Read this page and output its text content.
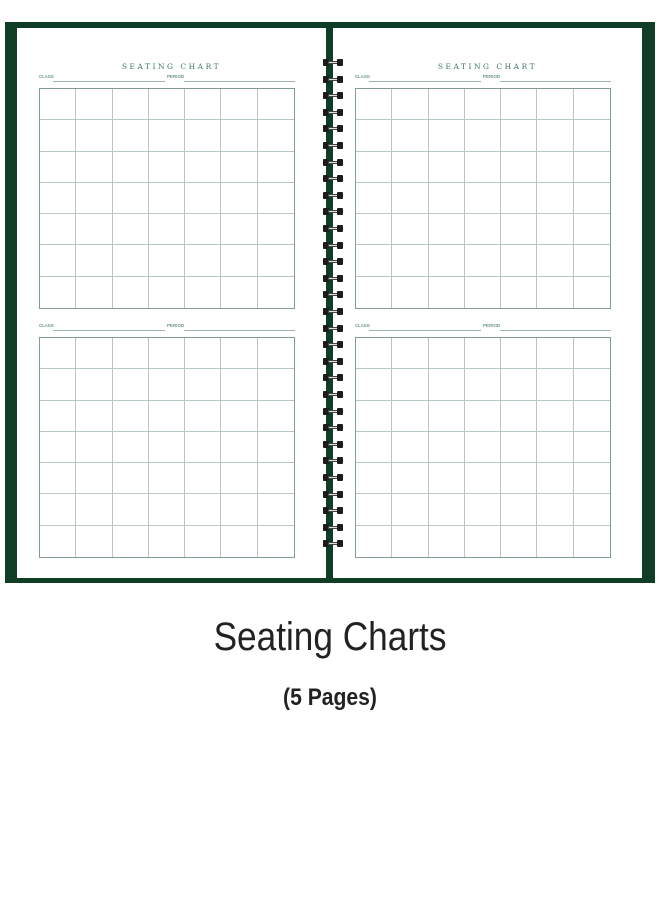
SEATING CHART
CLASS	PERIOD
CLASS	PERIOD
SEATING CHART
CLASS	PERIOD
CLASS	PERIOD
Seating Charts
(5 Pages)
